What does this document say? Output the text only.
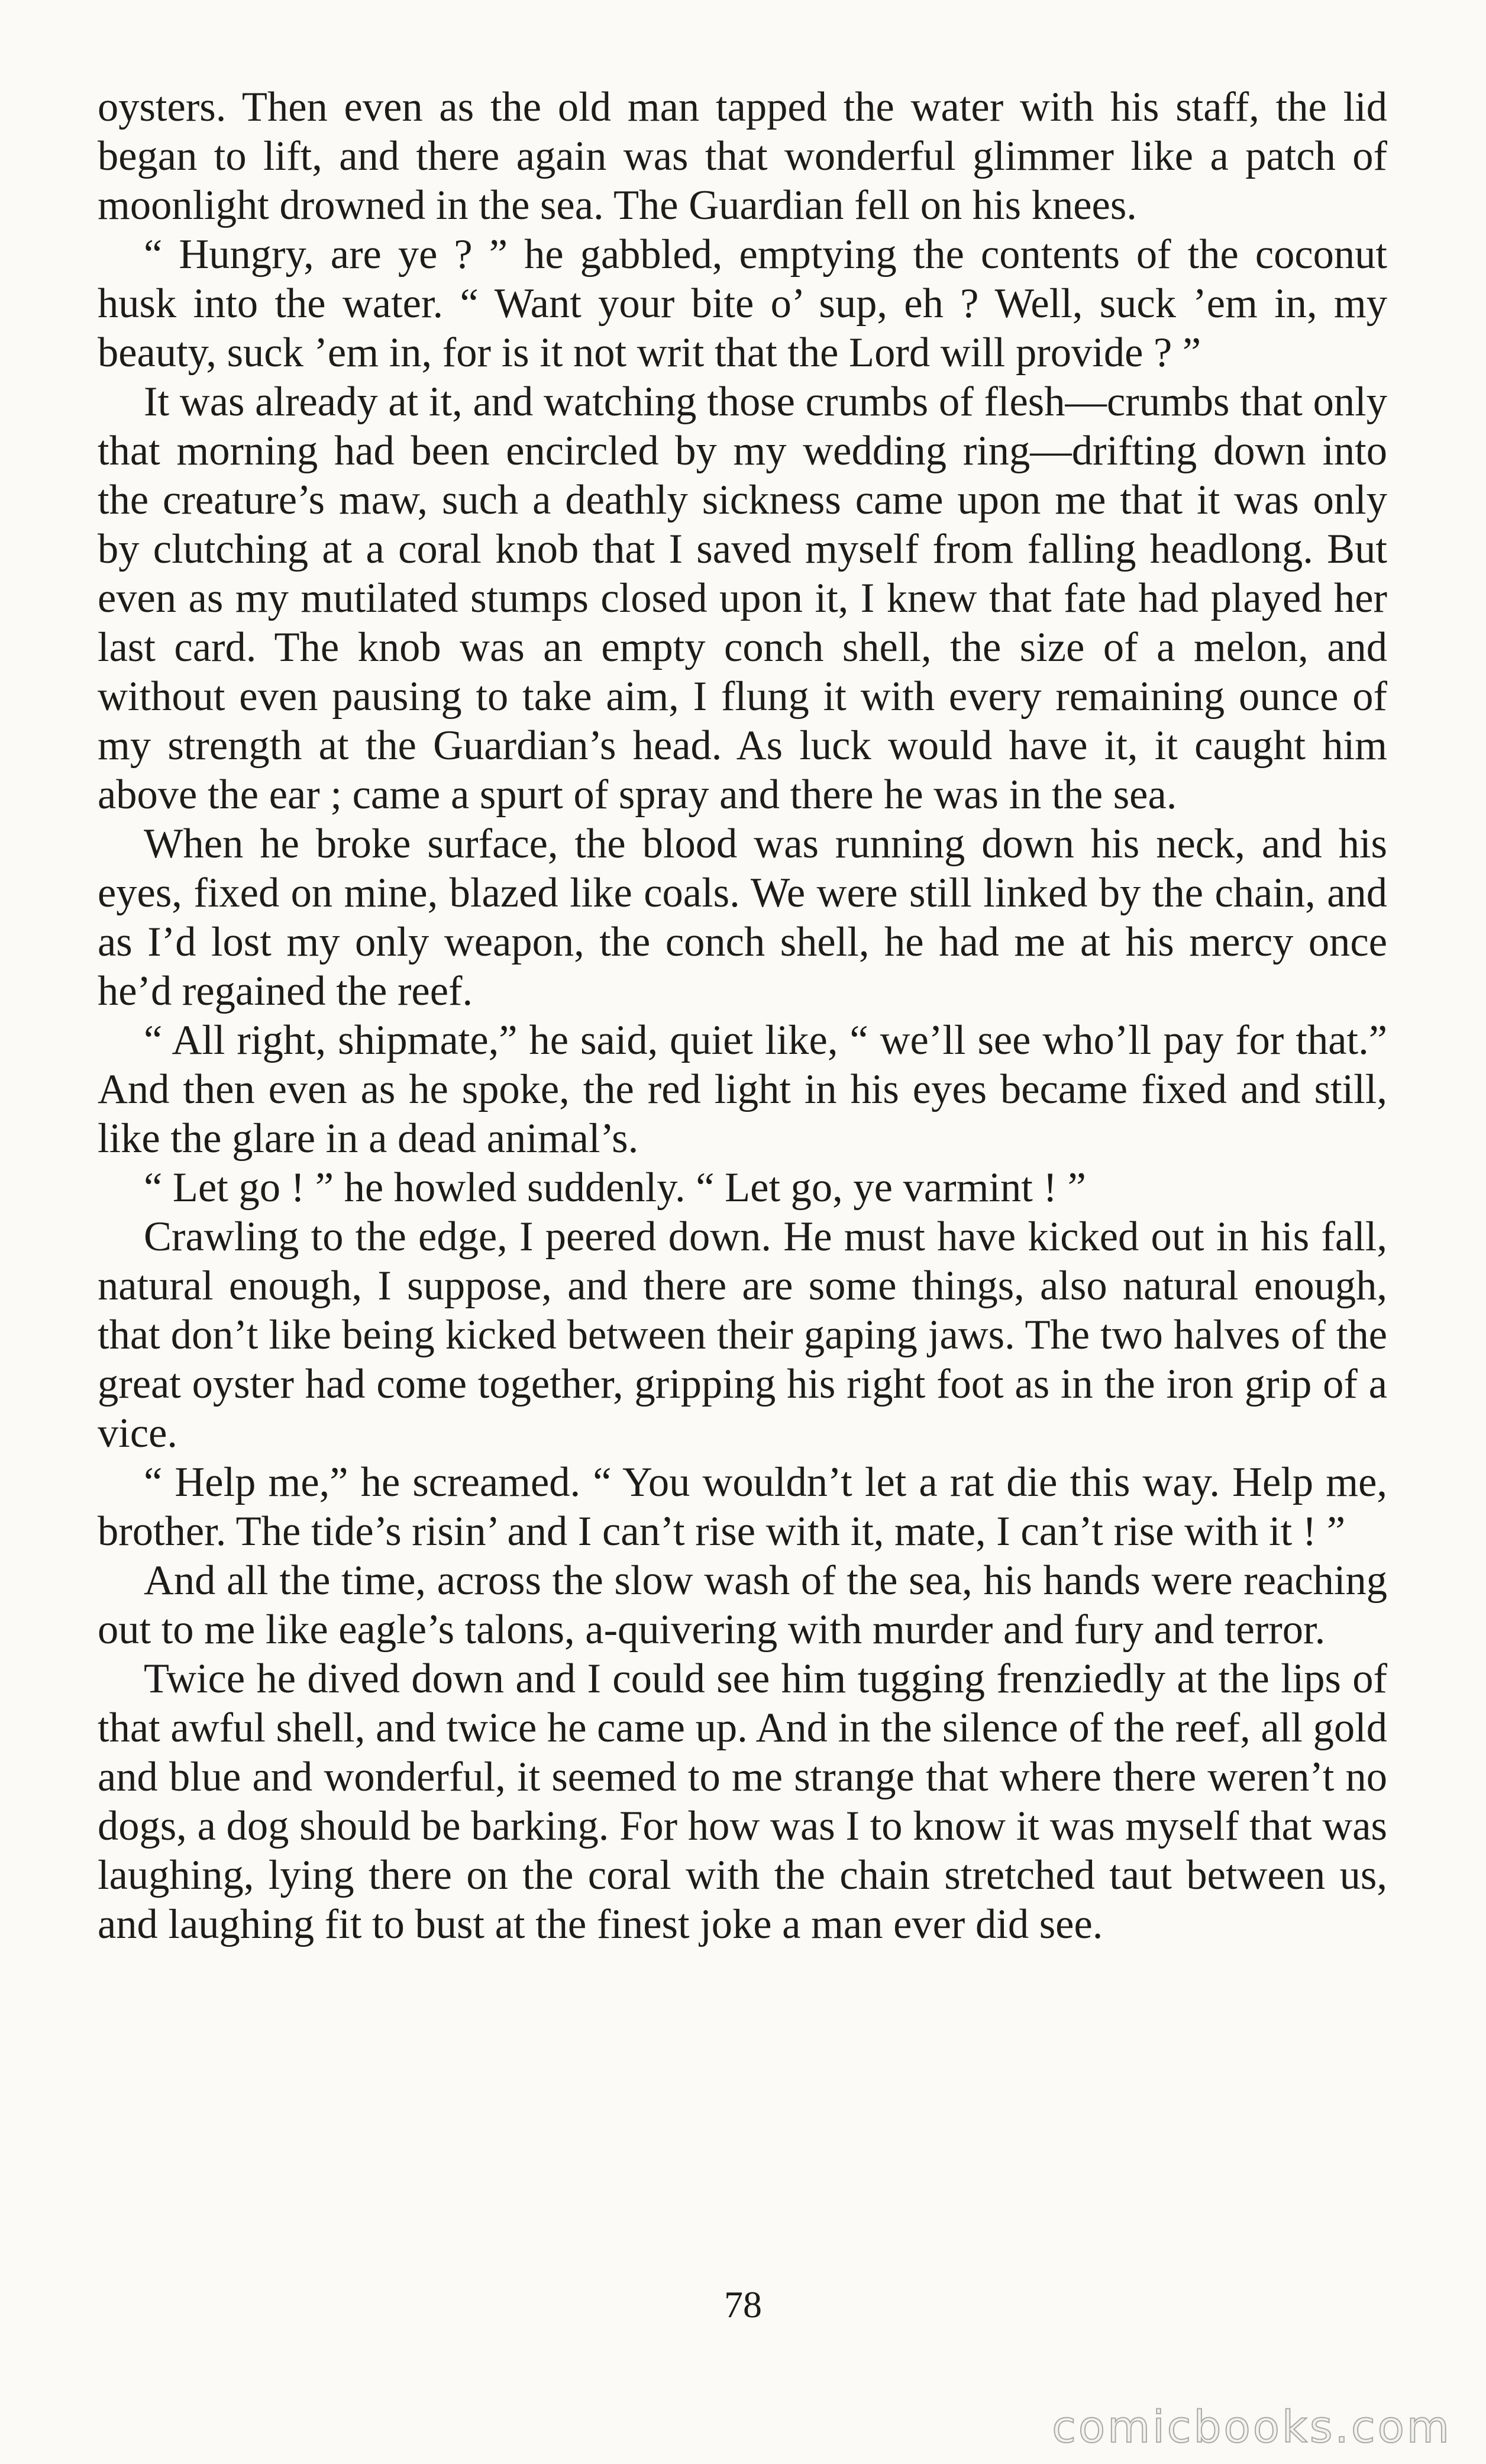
oysters. Then even as the old man tapped the water with his staff, the lid began to lift, and there again was that wonderful glimmer like a patch of moonlight drowned in the sea. The Guardian fell on his knees.

“ Hungry, are ye ? ” he gabbled, emptying the contents of the coconut husk into the water. “ Want your bite o’ sup, eh ? Well, suck ’em in, my beauty, suck ’em in, for is it not writ that the Lord will provide ? ”

It was already at it, and watching those crumbs of flesh—crumbs that only that morning had been encircled by my wedding ring—drifting down into the creature’s maw, such a deathly sickness came upon me that it was only by clutching at a coral knob that I saved myself from falling headlong. But even as my mutilated stumps closed upon it, I knew that fate had played her last card. The knob was an empty conch shell, the size of a melon, and without even pausing to take aim, I flung it with every remaining ounce of my strength at the Guardian’s head. As luck would have it, it caught him above the ear ; came a spurt of spray and there he was in the sea.

When he broke surface, the blood was running down his neck, and his eyes, fixed on mine, blazed like coals. We were still linked by the chain, and as I’d lost my only weapon, the conch shell, he had me at his mercy once he’d regained the reef.

“ All right, shipmate,” he said, quiet like, “ we’ll see who’ll pay for that.” And then even as he spoke, the red light in his eyes became fixed and still, like the glare in a dead animal’s.

“ Let go ! ” he howled suddenly. “ Let go, ye varmint ! ”

Crawling to the edge, I peered down. He must have kicked out in his fall, natural enough, I suppose, and there are some things, also natural enough, that don’t like being kicked between their gaping jaws. The two halves of the great oyster had come together, gripping his right foot as in the iron grip of a vice.

“ Help me,” he screamed. “ You wouldn’t let a rat die this way. Help me, brother. The tide’s risin’ and I can’t rise with it, mate, I can’t rise with it ! ”

And all the time, across the slow wash of the sea, his hands were reaching out to me like eagle’s talons, a-quivering with murder and fury and terror.

Twice he dived down and I could see him tugging frenziedly at the lips of that awful shell, and twice he came up. And in the silence of the reef, all gold and blue and wonderful, it seemed to me strange that where there weren’t no dogs, a dog should be barking. For how was I to know it was myself that was laughing, lying there on the coral with the chain stretched taut between us, and laughing fit to bust at the finest joke a man ever did see.

78
comicbooks.com
